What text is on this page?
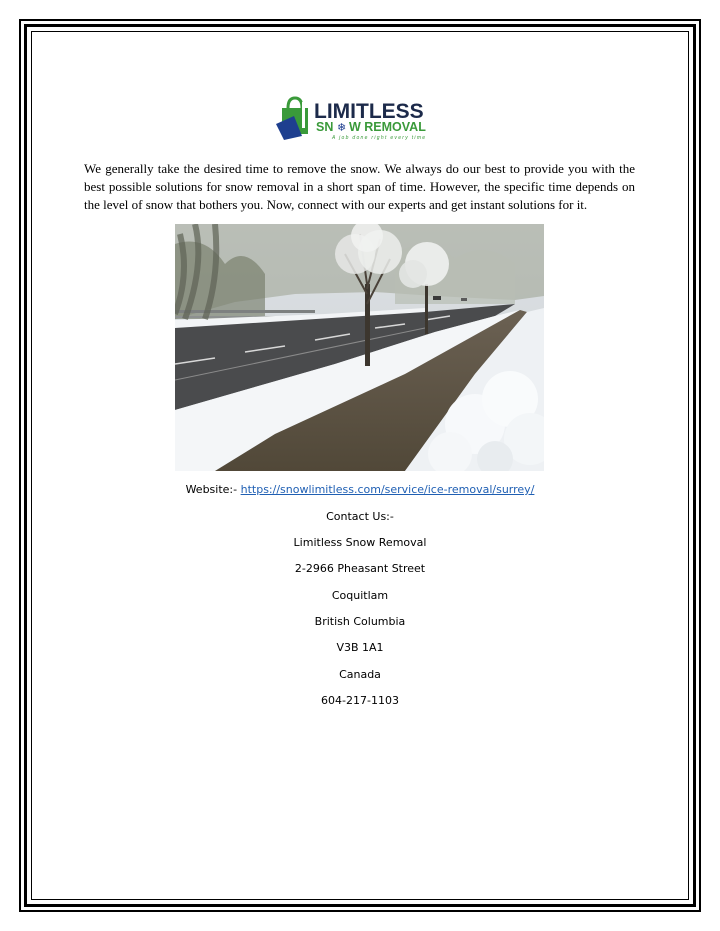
LIMITLESS
SN ❄ W REMOVAL
A job done right every time

We generally take the desired time to remove the snow. We always do our best to provide you with the best possible solutions for snow removal in a short span of time. However, the specific time depends on the level of snow that bothers you. Now, connect with our experts and get instant solutions for it.

Website:- https://snowlimitless.com/service/ice-removal/surrey/
Contact Us:-
Limitless Snow Removal
2-2966 Pheasant Street
Coquitlam
British Columbia
V3B 1A1
Canada
604-217-1103
